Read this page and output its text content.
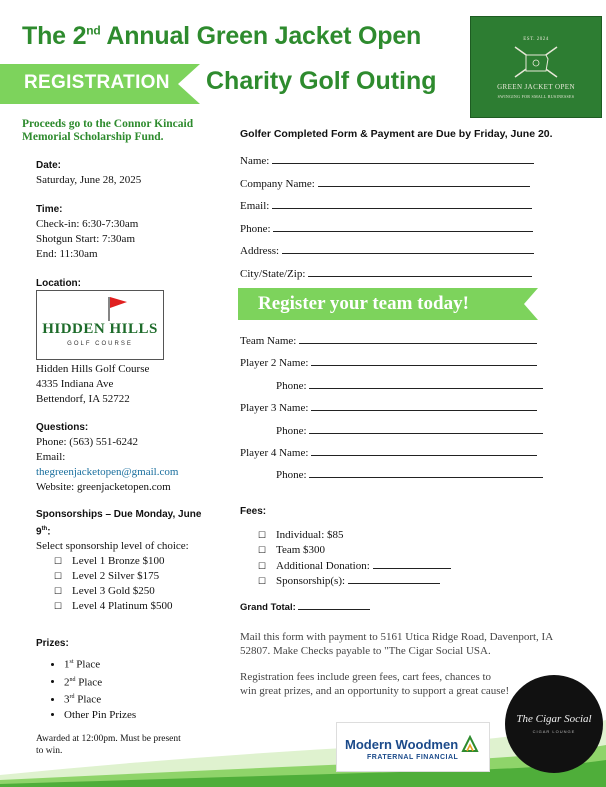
The 2nd Annual Green Jacket Open
REGISTRATION Charity Golf Outing
EST. 2024
GREEN JACKET OPEN
SWINGING FOR SMALL BUSINESSES
Proceeds go to the Connor Kincaid Memorial Scholarship Fund.
Date:
Saturday, June 28, 2025
Time:
Check-in: 6:30-7:30am
Shotgun Start: 7:30am
End: 11:30am
Location:
HIDDEN HILLS
GOLF COURSE
Hidden Hills Golf Course
4335 Indiana Ave
Bettendorf, IA 52722
Questions:
Phone: (563) 551-6242
Email:
thegreenjacketopen@gmail.com
Website: greenjacketopen.com
Sponsorships – Due Monday, June 9th:
Select sponsorship level of choice:
☐ Level 1 Bronze $100
☐ Level 2 Silver $175
☐ Level 3 Gold $250
☐ Level 4 Platinum $500
Prizes:
• 1st Place
• 2nd Place
• 3rd Place
• Other Pin Prizes
Awarded at 12:00pm. Must be present to win.
Golfer Completed Form & Payment are Due by Friday, June 20.
Name:
Company Name:
Email:
Phone:
Address:
City/State/Zip:
Register your team today!
Team Name:
Player 2 Name:
Phone:
Player 3 Name:
Phone:
Player 4 Name:
Phone:
Fees:
☐ Individual: $85
☐ Team $300
☐ Additional Donation:
☐ Sponsorship(s):
Grand Total:
Mail this form with payment to 5161 Utica Ridge Road, Davenport, IA 52807. Make Checks payable to "The Cigar Social USA.
Registration fees include green fees, cart fees, chances to win great prizes, and an opportunity to support a great cause!
Modern Woodmen
FRATERNAL FINANCIAL
The Cigar Social
CIGAR LOUNGE
